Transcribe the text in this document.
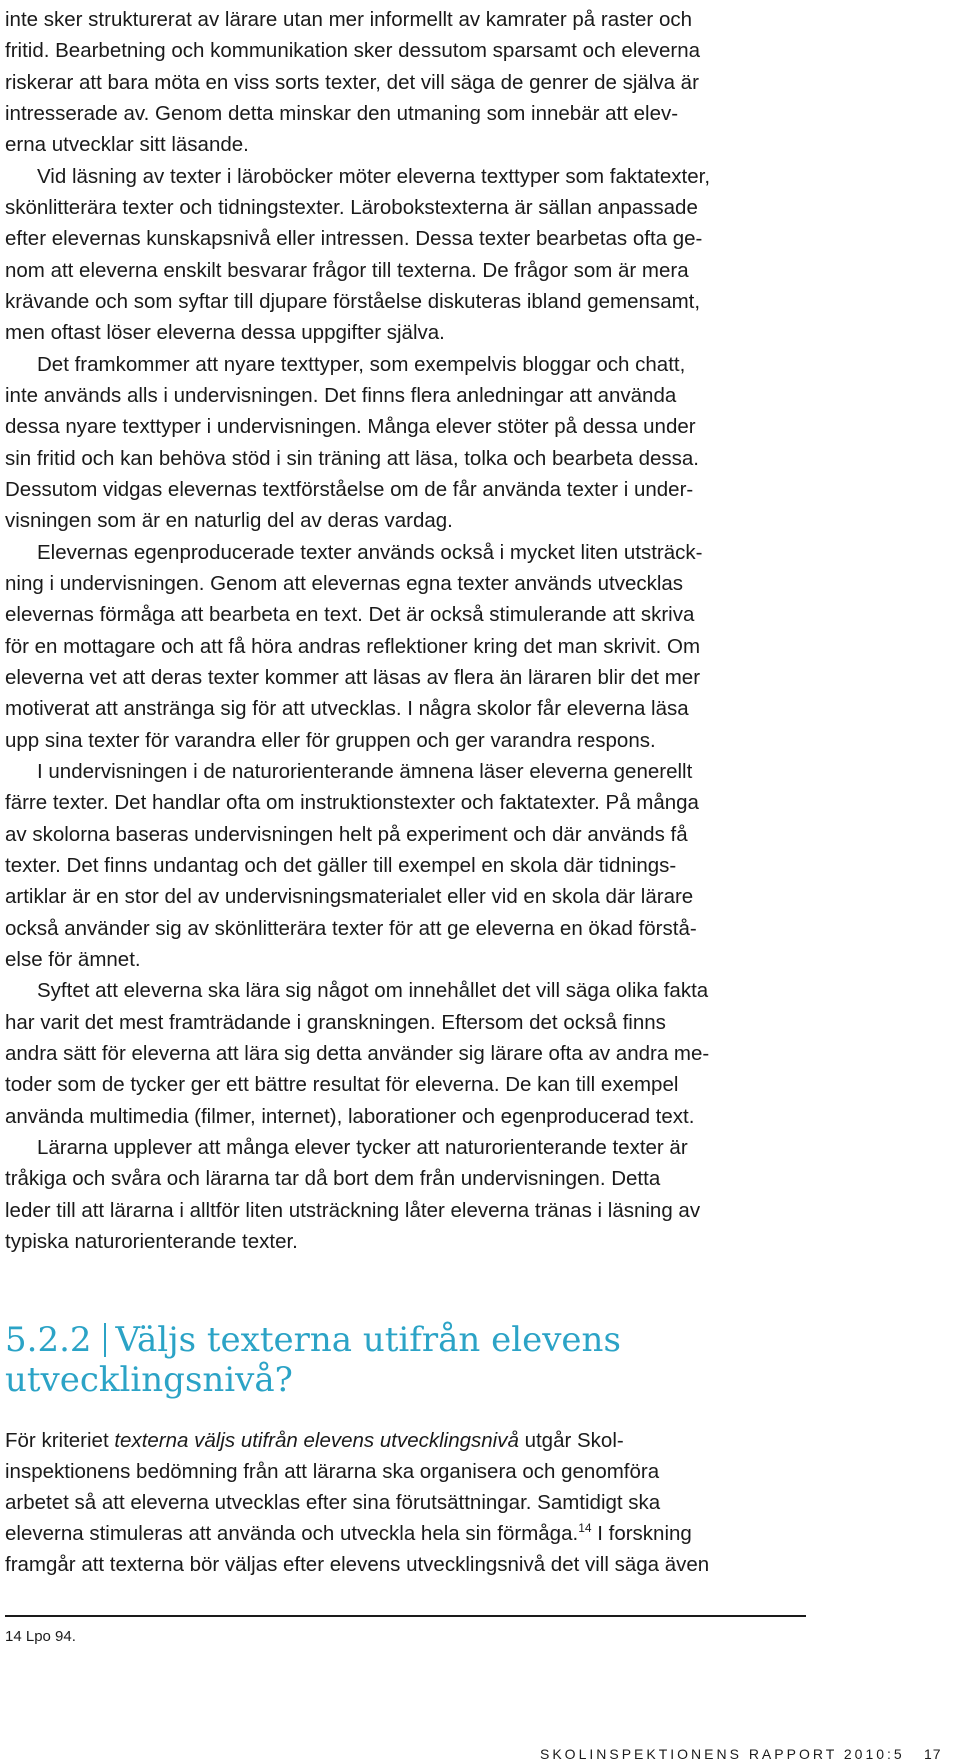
inte sker strukturerat av lärare utan mer informellt av kamrater på raster och
fritid. Bearbetning och kommunikation sker dessutom sparsamt och eleverna
riskerar att bara möta en viss sorts texter, det vill säga de genrer de själva är
intresserade av. Genom detta minskar den utmaning som innebär att elev-
erna utvecklar sitt läsande.
Vid läsning av texter i läroböcker möter eleverna texttyper som faktatexter,
skönlitterära texter och tidningstexter. Lärobokstexterna är sällan anpassade
efter elevernas kunskapsnivå eller intressen. Dessa texter bearbetas ofta ge-
nom att eleverna enskilt besvarar frågor till texterna. De frågor som är mera
krävande och som syftar till djupare förståelse diskuteras ibland gemensamt,
men oftast löser eleverna dessa uppgifter själva.
Det framkommer att nyare texttyper, som exempelvis bloggar och chatt,
inte används alls i undervisningen. Det finns flera anledningar att använda
dessa nyare texttyper i undervisningen. Många elever stöter på dessa under
sin fritid och kan behöva stöd i sin träning att läsa, tolka och bearbeta dessa.
Dessutom vidgas elevernas textförståelse om de får använda texter i under-
visningen som är en naturlig del av deras vardag.
Elevernas egenproducerade texter används också i mycket liten utsträck-
ning i undervisningen. Genom att elevernas egna texter används utvecklas
elevernas förmåga att bearbeta en text. Det är också stimulerande att skriva
för en mottagare och att få höra andras reflektioner kring det man skrivit. Om
eleverna vet att deras texter kommer att läsas av flera än läraren blir det mer
motiverat att anstränga sig för att utvecklas. I några skolor får eleverna läsa
upp sina texter för varandra eller för gruppen och ger varandra respons.
I undervisningen i de naturorienterande ämnena läser eleverna generellt
färre texter. Det handlar ofta om instruktionstexter och faktatexter. På många
av skolorna baseras undervisningen helt på experiment och där används få
texter. Det finns undantag och det gäller till exempel en skola där tidnings-
artiklar är en stor del av undervisningsmaterialet eller vid en skola där lärare
också använder sig av skönlitterära texter för att ge eleverna en ökad förstå-
else för ämnet.
Syftet att eleverna ska lära sig något om innehållet det vill säga olika fakta
har varit det mest framträdande i granskningen. Eftersom det också finns
andra sätt för eleverna att lära sig detta använder sig lärare ofta av andra me-
toder som de tycker ger ett bättre resultat för eleverna. De kan till exempel
använda multimedia (filmer, internet), laborationer och egenproducerad text.
Lärarna upplever att många elever tycker att naturorienterande texter är
tråkiga och svåra och lärarna tar då bort dem från undervisningen. Detta
leder till att lärarna i alltför liten utsträckning låter eleverna tränas i läsning av
typiska naturorienterande texter.
5.2.2 Väljs texterna utifrån elevens
utvecklingsnivå?
För kriteriet texterna väljs utifrån elevens utvecklingsnivå utgår Skol-
inspektionens bedömning från att lärarna ska organisera och genomföra
arbetet så att eleverna utvecklas efter sina förutsättningar. Samtidigt ska
eleverna stimuleras att använda och utveckla hela sin förmåga.$^{14}$ I forskning
framgår att texterna bör väljas efter elevens utvecklingsnivå det vill säga även
14 Lpo 94.
SKOLINSPEKTIONENS RAPPORT 2010:5 17
